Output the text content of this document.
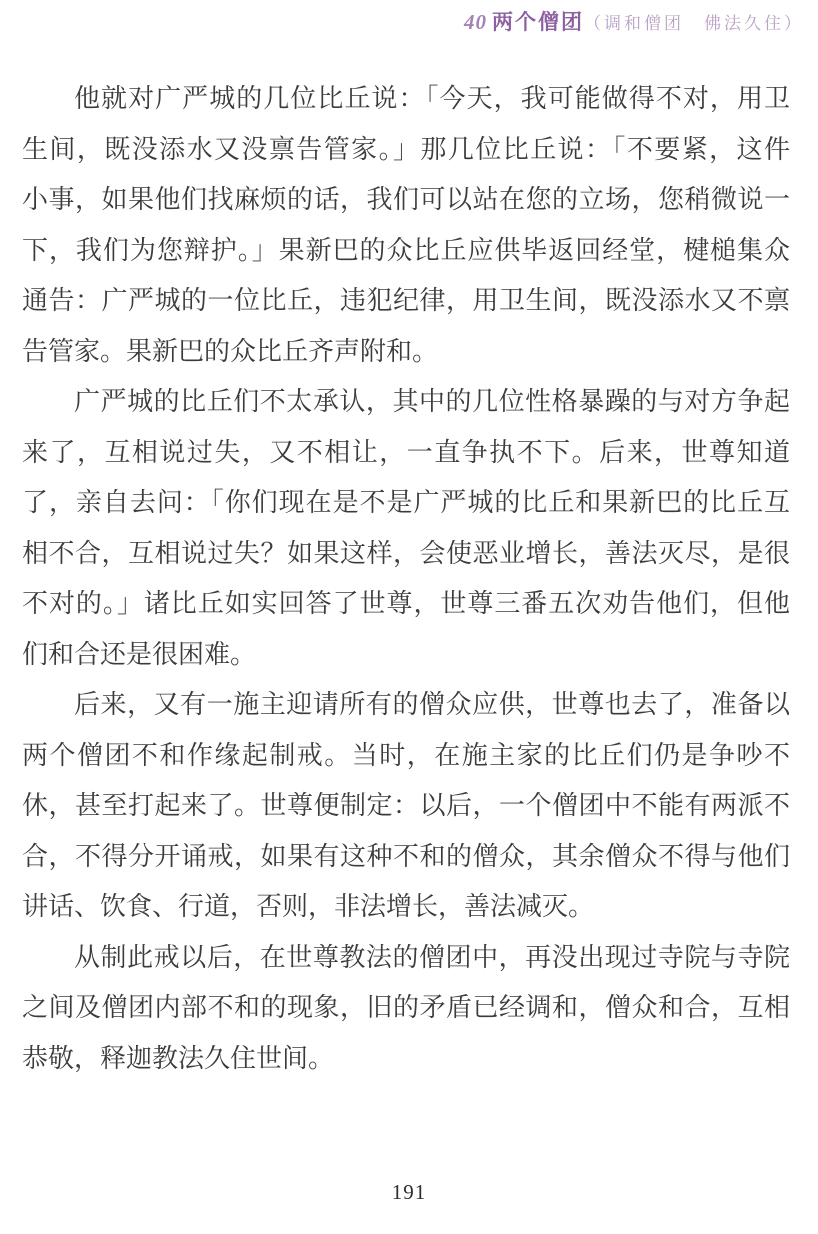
40 两个僧团（调和僧团　佛法久住）
他就对广严城的几位比丘说：「今天，我可能做得不对，用卫
生间，既没添水又没禀告管家。」那几位比丘说：「不要紧，这件
小事，如果他们找麻烦的话，我们可以站在您的立场，您稍微说一
下，我们为您辩护。」果新巴的众比丘应供毕返回经堂，楗槌集众
通告：广严城的一位比丘，违犯纪律，用卫生间，既没添水又不禀
告管家。果新巴的众比丘齐声附和。
广严城的比丘们不太承认，其中的几位性格暴躁的与对方争起
来了，互相说过失，又不相让，一直争执不下。后来，世尊知道
了，亲自去问：「你们现在是不是广严城的比丘和果新巴的比丘互
相不合，互相说过失？如果这样，会使恶业增长，善法灭尽，是很
不对的。」诸比丘如实回答了世尊，世尊三番五次劝告他们，但他
们和合还是很困难。
后来，又有一施主迎请所有的僧众应供，世尊也去了，准备以
两个僧团不和作缘起制戒。当时，在施主家的比丘们仍是争吵不
休，甚至打起来了。世尊便制定：以后，一个僧团中不能有两派不
合，不得分开诵戒，如果有这种不和的僧众，其余僧众不得与他们
讲话、饮食、行道，否则，非法增长，善法减灭。
从制此戒以后，在世尊教法的僧团中，再没出现过寺院与寺院
之间及僧团内部不和的现象，旧的矛盾已经调和，僧众和合，互相
恭敬，释迦教法久住世间。
191
